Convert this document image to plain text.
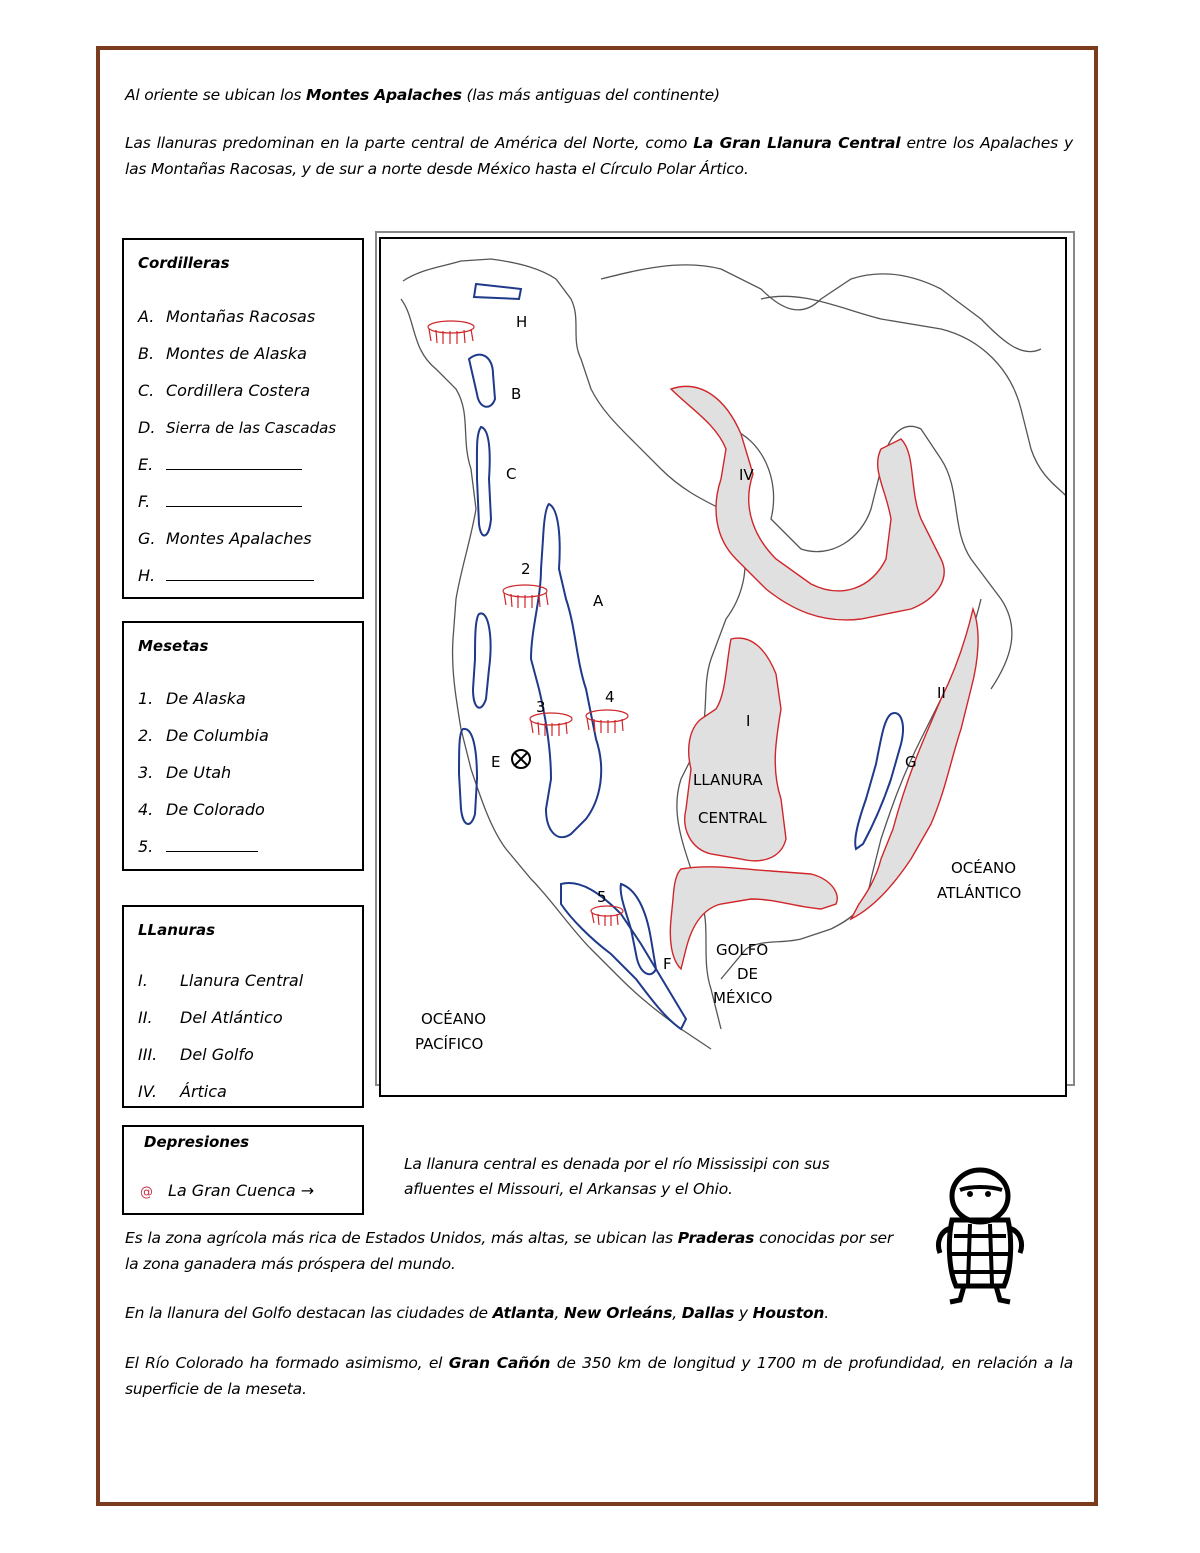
Al oriente se ubican los Montes Apalaches (las más antiguas del continente)
Las llanuras predominan en la parte central de América del Norte, como La Gran Llanura Central entre los Apalaches y las Montañas Racosas, y de sur a norte desde México hasta el Círculo Polar Ártico.
Cordilleras
A. Montañas Racosas
B. Montes de Alaska
C. Cordillera Costera
D. Sierra de las Cascadas
E.
F.
G. Montes Apalaches
H.
Mesetas
1. De Alaska
2. De Columbia
3. De Utah
4. De Colorado
5.
LLanuras
I. Llanura Central
II. Del Atlántico
III. Del Golfo
IV. Ártica
Depresiones
@ La Gran Cuenca →
H
B
C
A
E
F
G
2
3
4
5
IV
I
II
LLANURA
CENTRAL
OCÉANO
ATLÁNTICO
GOLFO
DE
MÉXICO
OCÉANO
PACÍFICO
La llanura central es denada por el río Mississipi con sus
afluentes el Missouri, el Arkansas y el Ohio.
Es la zona agrícola más rica de Estados Unidos, más altas, se ubican las Praderas conocidas por ser la zona ganadera más próspera del mundo.
En la llanura del Golfo destacan las ciudades de Atlanta, New Orleáns, Dallas y Houston.
El Río Colorado ha formado asimismo, el Gran Cañón de 350 km de longitud y 1700 m de profundidad, en relación a la superficie de la meseta.
